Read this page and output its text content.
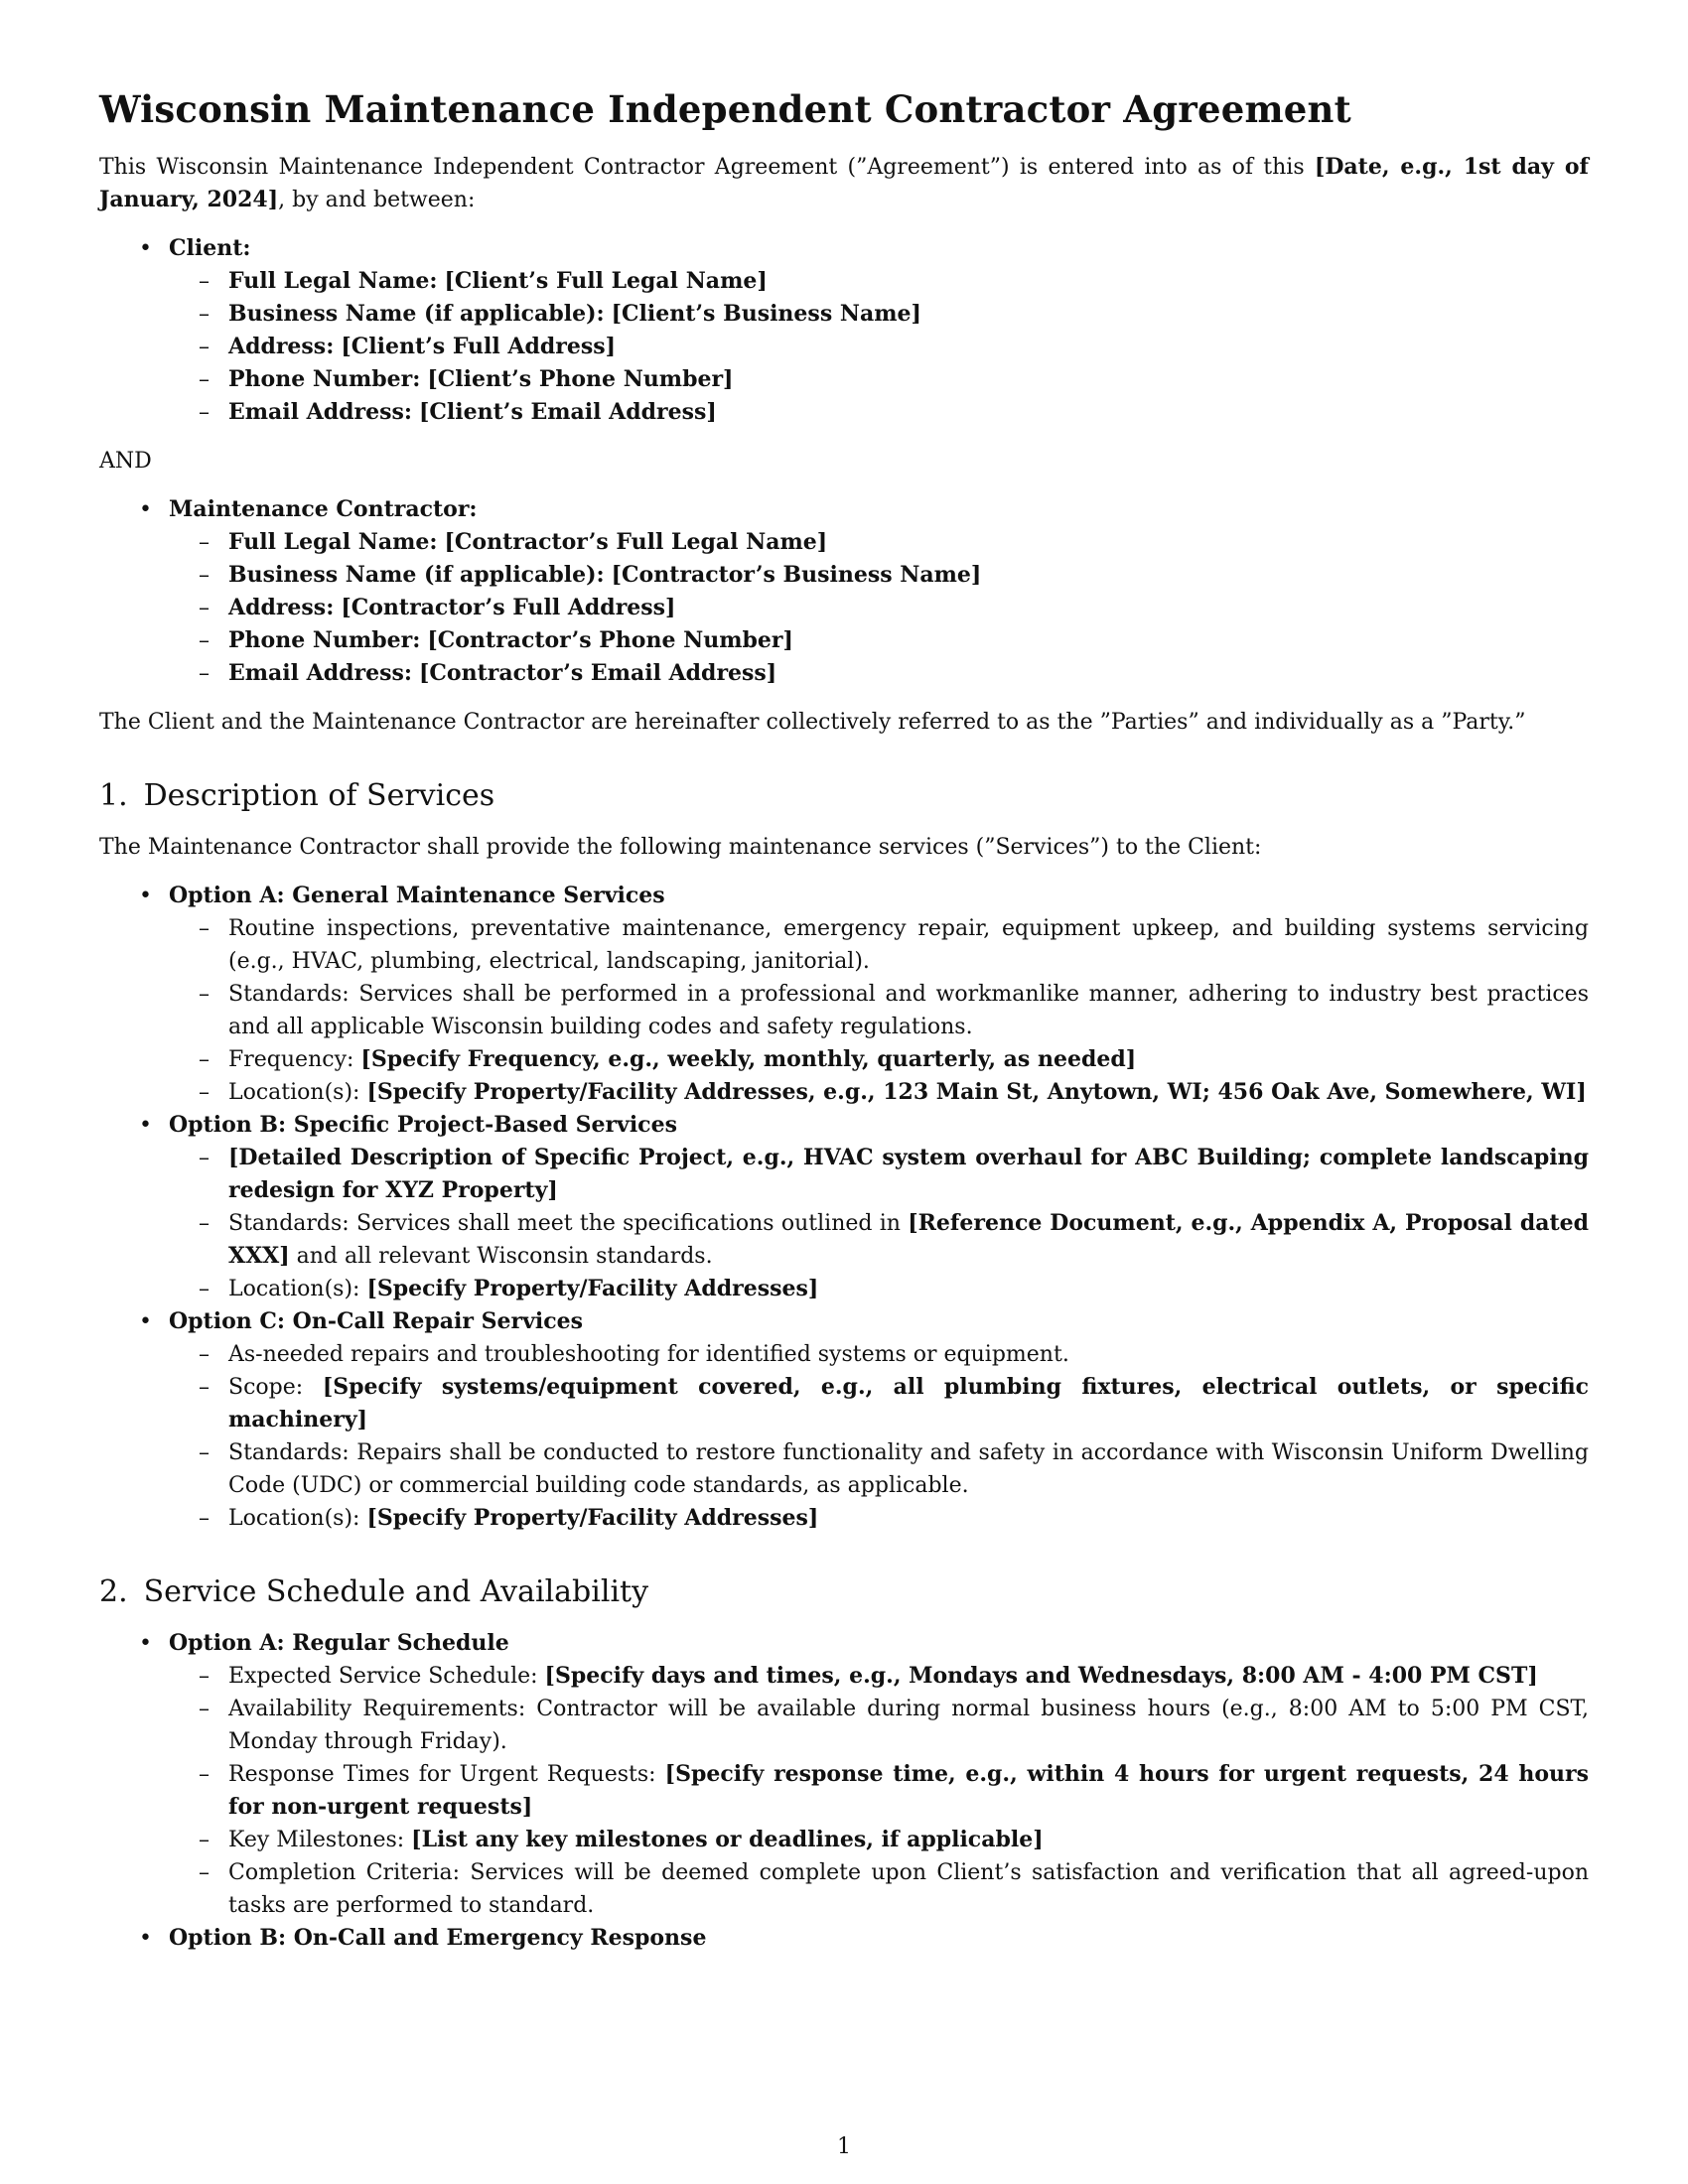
Wisconsin Maintenance Independent Contractor Agreement

This Wisconsin Maintenance Independent Contractor Agreement (”Agreement”) is entered into as of this [Date, e.g., 1st day of January, 2024], by and between:

• Client:
– Full Legal Name: [Client’s Full Legal Name]
– Business Name (if applicable): [Client’s Business Name]
– Address: [Client’s Full Address]
– Phone Number: [Client’s Phone Number]
– Email Address: [Client’s Email Address]
AND
• Maintenance Contractor:
– Full Legal Name: [Contractor’s Full Legal Name]
– Business Name (if applicable): [Contractor’s Business Name]
– Address: [Contractor’s Full Address]
– Phone Number: [Contractor’s Phone Number]
– Email Address: [Contractor’s Email Address]

The Client and the Maintenance Contractor are hereinafter collectively referred to as the ”Parties” and individually as a ”Party.”

1. Description of Services

The Maintenance Contractor shall provide the following maintenance services (”Services”) to the Client:

• Option A: General Maintenance Services
– Routine inspections, preventative maintenance, emergency repair, equipment upkeep, and building systems servicing (e.g., HVAC, plumbing, electrical, landscaping, janitorial).
– Standards: Services shall be performed in a professional and workmanlike manner, adhering to industry best practices and all applicable Wisconsin building codes and safety regulations.
– Frequency: [Specify Frequency, e.g., weekly, monthly, quarterly, as needed]
– Location(s): [Specify Property/Facility Addresses, e.g., 123 Main St, Anytown, WI; 456 Oak Ave, Somewhere, WI]
• Option B: Specific Project-Based Services
– [Detailed Description of Specific Project, e.g., HVAC system overhaul for ABC Building; complete landscaping redesign for XYZ Property]
– Standards: Services shall meet the specifications outlined in [Reference Document, e.g., Appendix A, Proposal dated XXX] and all relevant Wisconsin standards.
– Location(s): [Specify Property/Facility Addresses]
• Option C: On-Call Repair Services
– As-needed repairs and troubleshooting for identified systems or equipment.
– Scope: [Specify systems/equipment covered, e.g., all plumbing fixtures, electrical outlets, or specific machinery]
– Standards: Repairs shall be conducted to restore functionality and safety in accordance with Wisconsin Uniform Dwelling Code (UDC) or commercial building code standards, as applicable.
– Location(s): [Specify Property/Facility Addresses]
2. Service Schedule and Availability
• Option A: Regular Schedule
– Expected Service Schedule: [Specify days and times, e.g., Mondays and Wednesdays, 8:00 AM - 4:00 PM CST]
– Availability Requirements: Contractor will be available during normal business hours (e.g., 8:00 AM to 5:00 PM CST, Monday through Friday).
– Response Times for Urgent Requests: [Specify response time, e.g., within 4 hours for urgent requests, 24 hours for non-urgent requests]
– Key Milestones: [List any key milestones or deadlines, if applicable]
– Completion Criteria: Services will be deemed complete upon Client’s satisfaction and verification that all agreed-upon tasks are performed to standard.
• Option B: On-Call and Emergency Response
1
